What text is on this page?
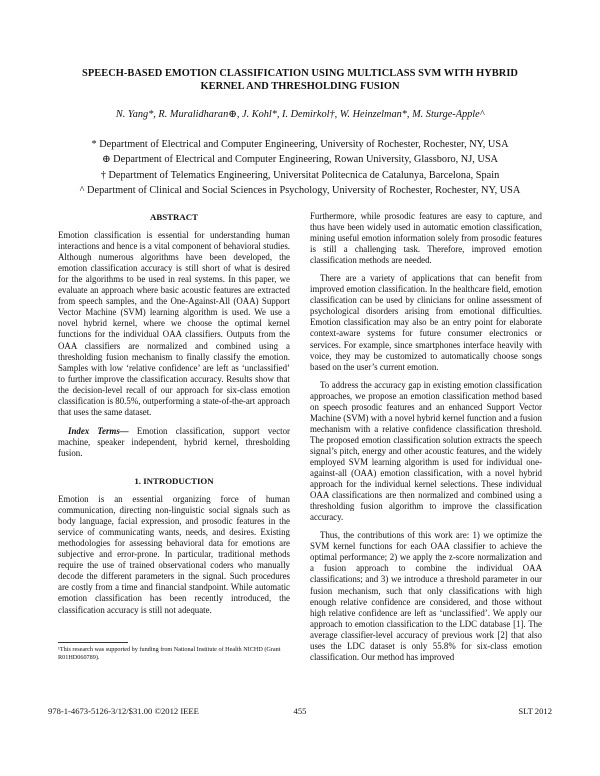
SPEECH-BASED EMOTION CLASSIFICATION USING MULTICLASS SVM WITH HYBRID
KERNEL AND THRESHOLDING FUSION
N. Yang*, R. Muralidharan⊕, J. Kohl*, I. Demirkol†, W. Heinzelman*, M. Sturge-Apple^
* Department of Electrical and Computer Engineering, University of Rochester, Rochester, NY, USA
⊕ Department of Electrical and Computer Engineering, Rowan University, Glassboro, NJ, USA
† Department of Telematics Engineering, Universitat Politecnica de Catalunya, Barcelona, Spain
^ Department of Clinical and Social Sciences in Psychology, University of Rochester, Rochester, NY, USA
ABSTRACT

Emotion classification is essential for understanding human interactions and hence is a vital component of behavioral studies. Although numerous algorithms have been developed, the emotion classification accuracy is still short of what is desired for the algorithms to be used in real systems. In this paper, we evaluate an approach where basic acoustic features are extracted from speech samples, and the One-Against-All (OAA) Support Vector Machine (SVM) learning algorithm is used. We use a novel hybrid kernel, where we choose the optimal kernel functions for the individual OAA classifiers. Outputs from the OAA classifiers are normalized and combined using a thresholding fusion mechanism to finally classify the emotion. Samples with low ‘relative confidence’ are left as ‘unclassified’ to further improve the classification accuracy. Results show that the decision-level recall of our approach for six-class emotion classification is 80.5%, outperforming a state-of-the-art approach that uses the same dataset.

Index Terms— Emotion classification, support vector machine, speaker independent, hybrid kernel, thresholding fusion.

1. INTRODUCTION

Emotion is an essential organizing force of human communication, directing non-linguistic social signals such as body language, facial expression, and prosodic features in the service of communicating wants, needs, and desires. Existing methodologies for assessing behavioral data for emotions are subjective and error-prone. In particular, traditional methods require the use of trained observational coders who manually decode the different parameters in the signal. Such procedures are costly from a time and financial standpoint. While automatic emotion classification has been recently introduced, the classification accuracy is still not adequate.

¹This research was supported by funding from National Institute of Health NICHD (Grant R01HD060789).

Furthermore, while prosodic features are easy to capture, and thus have been widely used in automatic emotion classification, mining useful emotion information solely from prosodic features is still a challenging task. Therefore, improved emotion classification methods are needed.

There are a variety of applications that can benefit from improved emotion classification. In the healthcare field, emotion classification can be used by clinicians for online assessment of psychological disorders arising from emotional difficulties. Emotion classification may also be an entry point for elaborate context-aware systems for future consumer electronics or services. For example, since smartphones interface heavily with voice, they may be customized to automatically choose songs based on the user’s current emotion.

To address the accuracy gap in existing emotion classification approaches, we propose an emotion classification method based on speech prosodic features and an enhanced Support Vector Machine (SVM) with a novel hybrid kernel function and a fusion mechanism with a relative confidence classification threshold. The proposed emotion classification solution extracts the speech signal’s pitch, energy and other acoustic features, and the widely employed SVM learning algorithm is used for individual one-against-all (OAA) emotion classification, with a novel hybrid approach for the individual kernel selections. These individual OAA classifications are then normalized and combined using a thresholding fusion algorithm to improve the classification accuracy.

Thus, the contributions of this work are: 1) we optimize the SVM kernel functions for each OAA classifier to achieve the optimal performance; 2) we apply the z-score normalization and a fusion approach to combine the individual OAA classifications; and 3) we introduce a threshold parameter in our fusion mechanism, such that only classifications with high enough relative confidence are considered, and those without high relative confidence are left as ‘unclassified’. We apply our approach to emotion classification to the LDC database [1]. The average classifier-level accuracy of previous work [2] that also uses the LDC dataset is only 55.8% for six-class emotion classification. Our method has improved

978-1-4673-5126-3/12/$31.00 ©2012 IEEE	455	SLT 2012
